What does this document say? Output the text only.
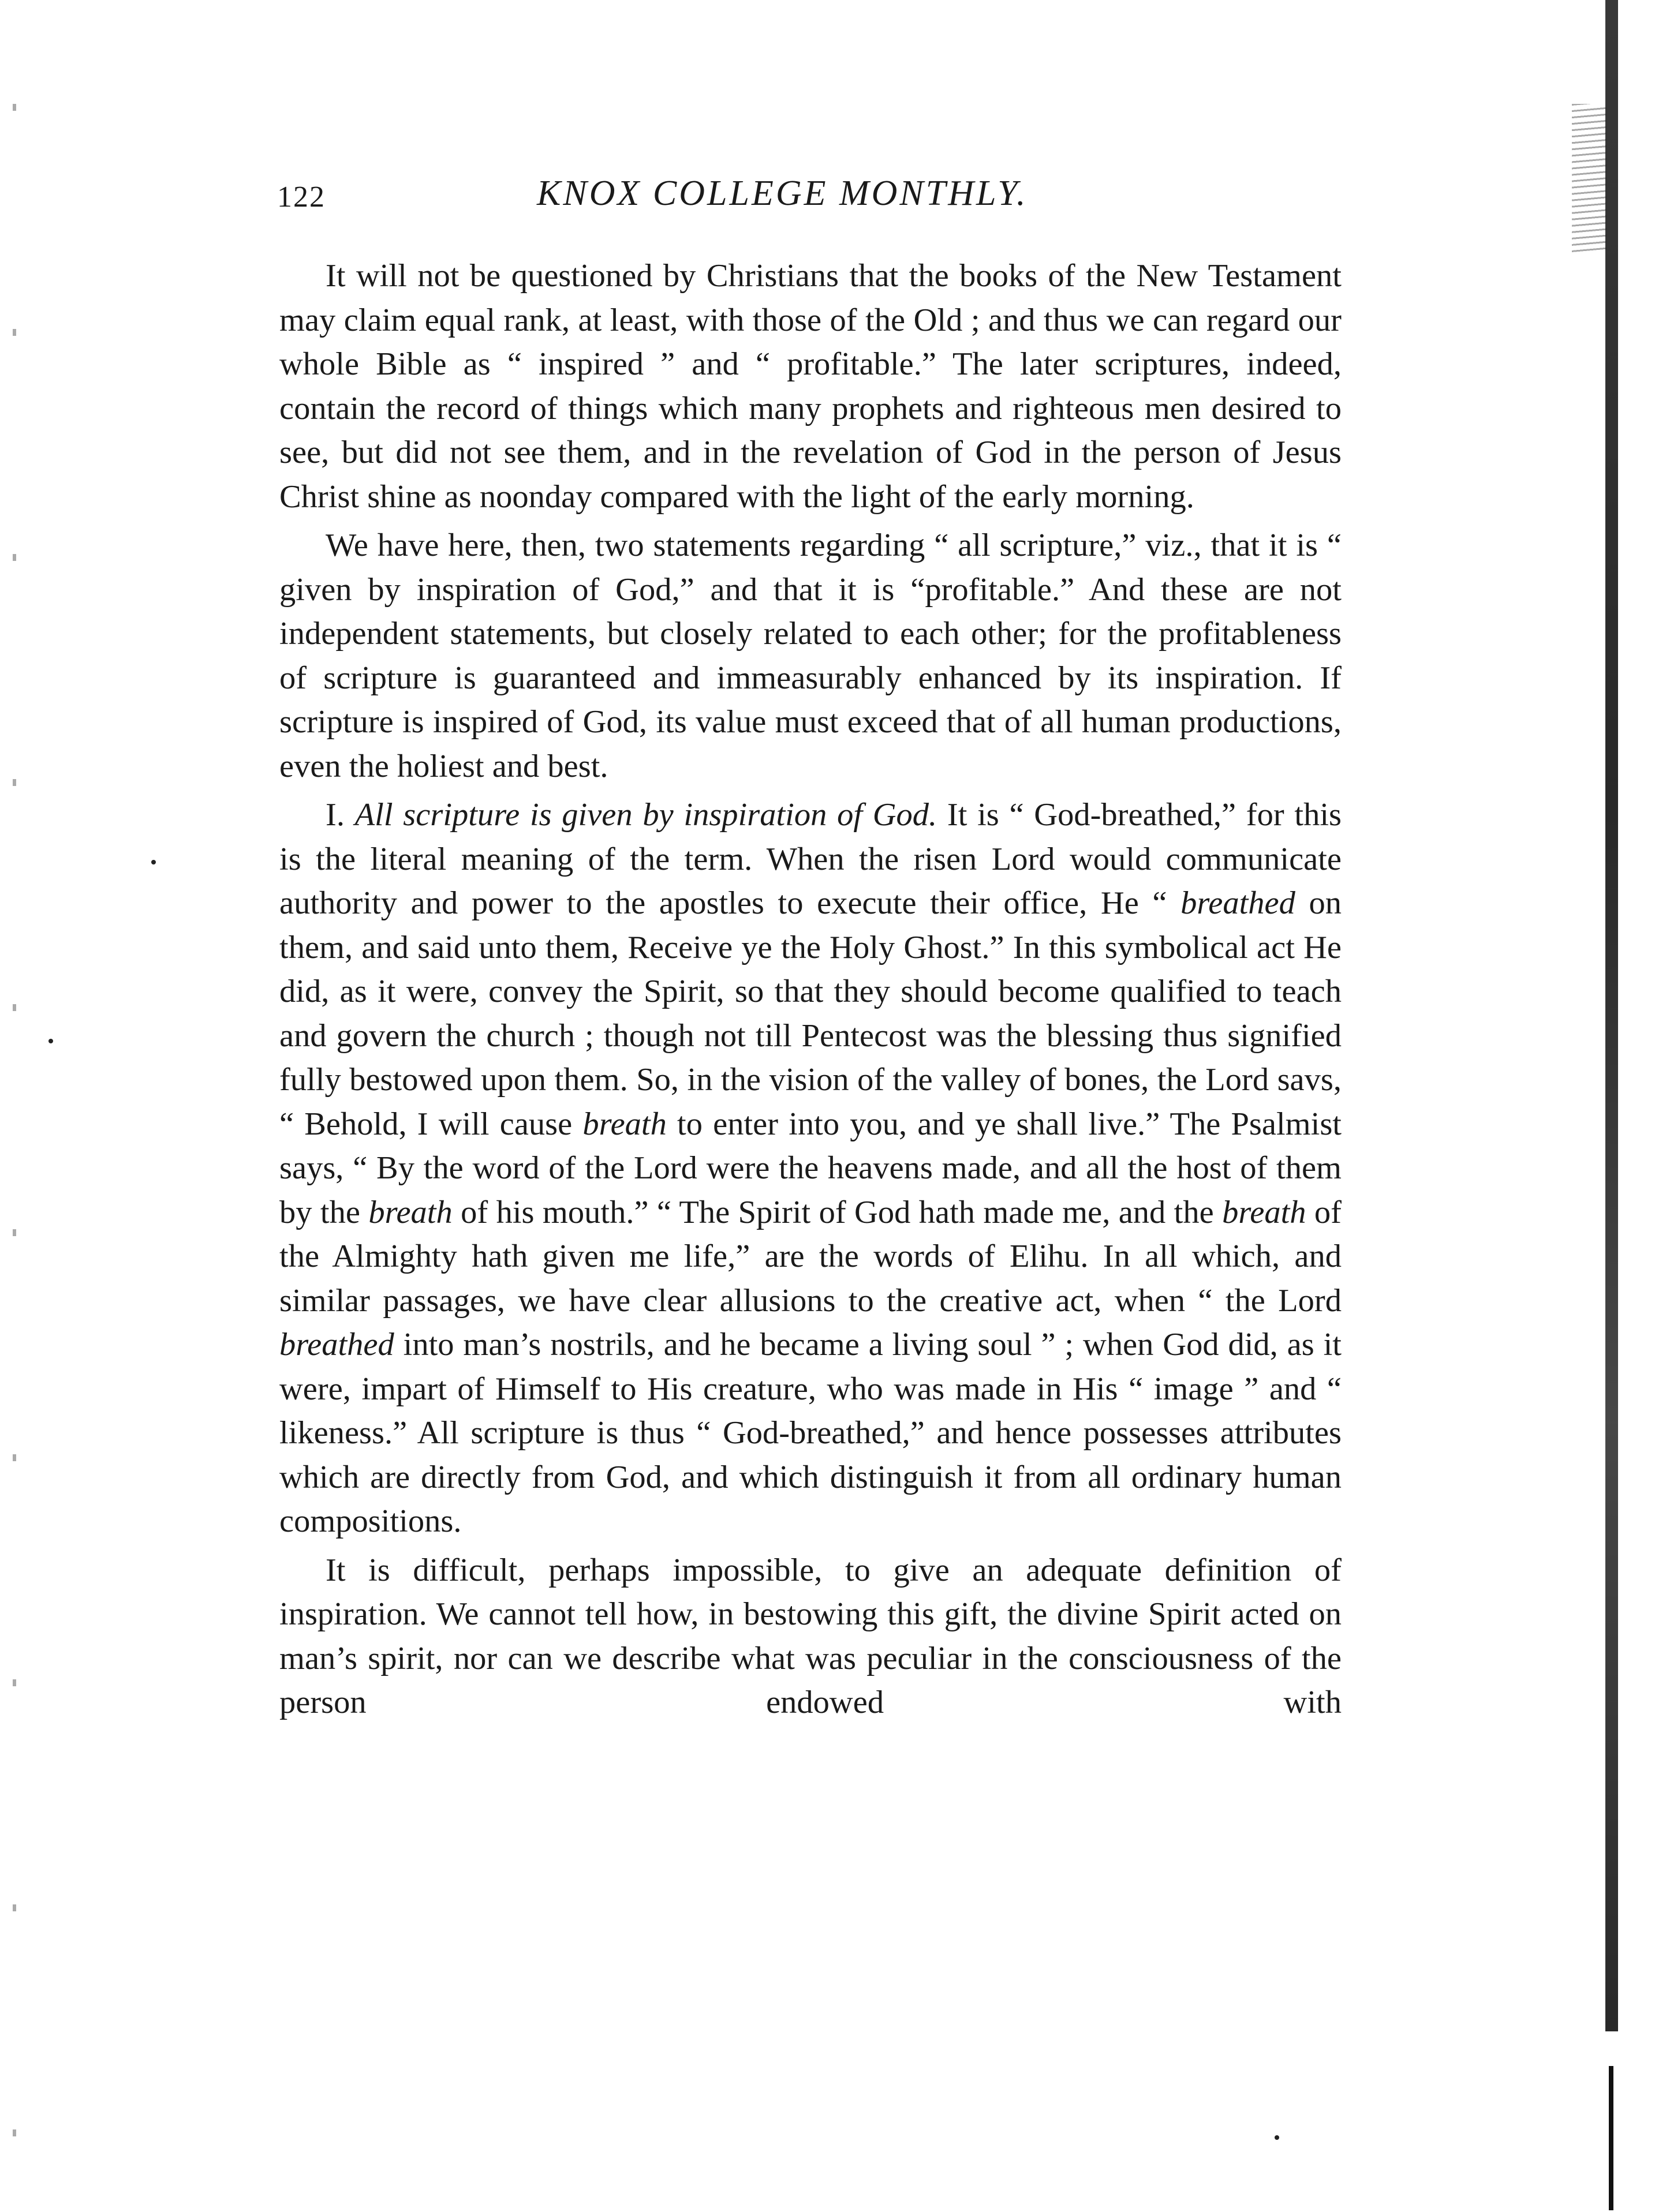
122	KNOX COLLEGE MONTHLY.

It will not be questioned by Christians that the books of the New Testament may claim equal rank, at least, with those of the Old ; and thus we can regard our whole Bible as “ inspired ” and “ profitable.” The later scriptures, indeed, contain the record of things which many prophets and righteous men desired to see, but did not see them, and in the revelation of God in the person of Jesus Christ shine as noonday compared with the light of the early morning.

We have here, then, two statements regarding “ all scripture,” viz., that it is “ given by inspiration of God,” and that it is “profitable.” And these are not independent statements, but closely related to each other; for the profitableness of scripture is guaranteed and immeasurably enhanced by its inspiration. If scripture is inspired of God, its value must exceed that of all human productions, even the holiest and best.

I. All scripture is given by inspiration of God. It is “ God-breathed,” for this is the literal meaning of the term. When the risen Lord would communicate authority and power to the apostles to execute their office, He “ breathed on them, and said unto them, Receive ye the Holy Ghost.” In this symbolical act He did, as it were, convey the Spirit, so that they should become qualified to teach and govern the church ; though not till Pentecost was the blessing thus signified fully bestowed upon them. So, in the vision of the valley of bones, the Lord savs, “ Behold, I will cause breath to enter into you, and ye shall live.” The Psalmist says, “ By the word of the Lord were the heavens made, and all the host of them by the breath of his mouth.” “ The Spirit of God hath made me, and the breath of the Almighty hath given me life,” are the words of Elihu. In all which, and similar passages, we have clear allusions to the creative act, when “ the Lord breathed into man’s nostrils, and he became a living soul ” ; when God did, as it were, impart of Himself to His creature, who was made in His “ image ” and “ likeness.” All scripture is thus “ God-breathed,” and hence possesses attributes which are directly from God, and which distinguish it from all ordinary human compositions.

It is difficult, perhaps impossible, to give an adequate definition of inspiration. We cannot tell how, in bestowing this gift, the divine Spirit acted on man’s spirit, nor can we describe what was peculiar in the consciousness of the person endowed with
